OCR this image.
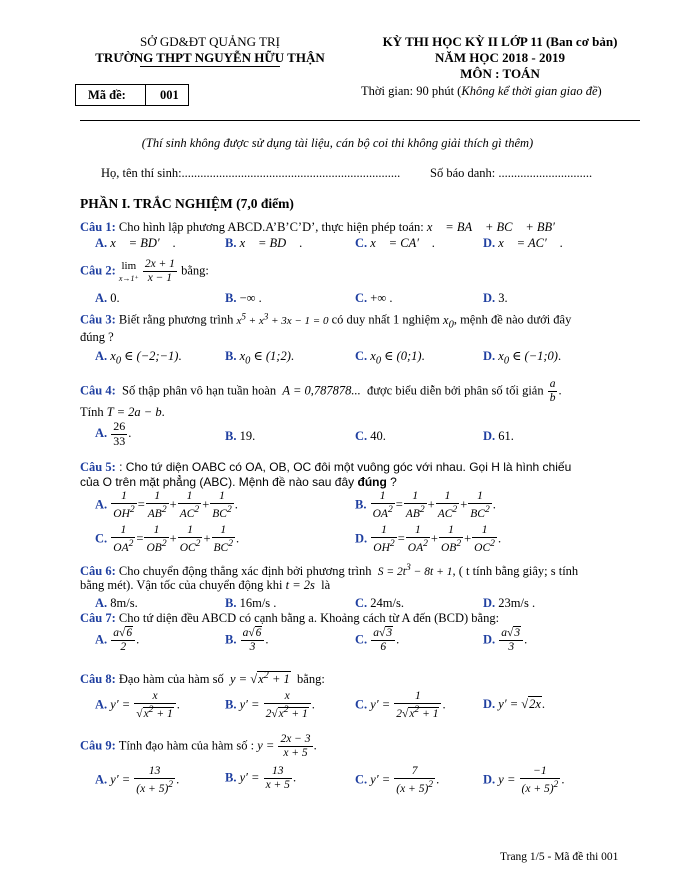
SỞ GD&ĐT QUẢNG TRỊ
TRƯỜNG THPT NGUYỄN HỮU THẬN
Mã đề:	001
KỲ THI HỌC KỲ II LỚP 11 (Ban cơ bản)
NĂM HỌC 2018 - 2019
MÔN : TOÁN
Thời gian: 90 phút (Không kể thời gian giao đề)
(Thí sinh không được sử dụng tài liệu, cán bộ coi thi không giải thích gì thêm)
Họ, tên thí sinh:...................................................................... Số báo danh: ..............................
PHẦN I. TRẮC NGHIỆM (7,0 điểm)
Câu 1: Cho hình lập phương ABCD.A’B’C’D’, thực hiện phép toán: x⃗ = BA⃗ + BC⃗ + BB′⃗
A. x⃗ = BD′⃗ .	B. x⃗ = BD⃗ .	C. x⃗ = CA′⃗ .	D. x⃗ = AC′⃗ .
Câu 2: lim
$x\to 1^+ \frac{2x + 1}{x - 1}$ bằng:
A. 0.	B. −∞ .	C. +∞ .	D. 3.
Câu 3: Biết rằng phương trình $x^5 + x^3 + 3x - 1 = 0$ có duy nhất 1 nghiệm $x_0$, mệnh đề nào dưới đây
đúng ?
A. $x_0$ ∈ (−2;−1).	B. $x_0$ ∈ (1;2).	C. $x_0$ ∈ (0;1).	D. $x_0$ ∈ (−1;0).
Câu 4: Số thập phân vô hạn tuần hoàn A = 0,787878... được biểu diễn bởi phân số tối giản $\frac{a}{b}$ .
Tính T = 2a − b.
A. $\frac{26}{33}$ .	B. 19.	C. 40.	D. 61.
Câu 5: : Cho tứ diện OABC có OA, OB, OC đôi một vuông góc với nhau. Gọi H là hình chiếu
của O trên mặt phẳng (ABC). Mệnh đề nào sau đây đúng ?
A. $\frac{1}{OH^2} = \frac{1}{AB^2} + \frac{1}{AC^2} + \frac{1}{BC^2}$ .	B. $\frac{1}{OA^2} = \frac{1}{AB^2} + \frac{1}{AC^2} + \frac{1}{BC^2}$ .
C. $\frac{1}{OA^2} = \frac{1}{OB^2} + \frac{1}{OC^2} + \frac{1}{BC^2}$ .	D. $\frac{1}{OH^2} = \frac{1}{OA^2} + \frac{1}{OB^2} + \frac{1}{OC^2}$ .
Câu 6: Cho chuyển động thẳng xác định bởi phương trình $S = 2t^3 - 8t + 1$, ( t tính bằng giây; s tính
bằng mét). Vận tốc của chuyển động khi t = 2s là
A. 8m/s.	B. 16m/s .	C. 24m/s.	D. 23m/s .
Câu 7: Cho tứ diện đều ABCD có cạnh bằng a. Khoảng cách từ A đến (BCD) bằng:
A. $\frac{a√6}{2}$ .	B. $\frac{a√6}{3}$ .	C. $\frac{a√3}{6}$ .	D. $\frac{a√3}{3}$ .
Câu 8: Đạo hàm của hàm số $y = √x^2 + 1$ bằng:
A. $y' = \frac{x}{√x^2 + 1}$ .	B. $y' = \frac{x}{2√x^2 + 1}$ .	C. $y' = \frac{1}{2√x^2 + 1}$ .	D. y′ = √2x.
Câu 9: Tính đạo hàm của hàm số : $y = \frac{2x - 3}{x + 5}$ .
A. $y' = \frac{13}{(x + 5)^2}$ .	B. $y' = \frac{13}{x + 5}$ .	C. $y' = \frac{7}{(x + 5)^2}$ .	D. $y = \frac{-1}{(x + 5)^2}$ .
Trang 1/5 - Mã đề thi 001
